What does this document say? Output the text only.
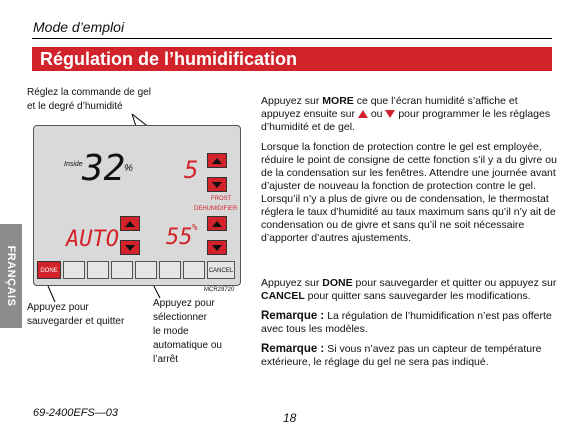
Mode d’emploi
Régulation de l’humidification
FRANÇAIS
Réglez la commande de gel
et le degré d’humidité
Inside 32
% 5
FROST
DEHUMIDIFIER
AUTO 55 %
DONE	CANCEL
MCR29720
Appuyez pour
sauvegarder et quitter
Appuyez pour
sélectionner
le mode
automatique ou
l’arrêt
Appuyez sur MORE ce que l’écran humidité s’affiche et appuyez ensuite sur  ou  pour programmer le les réglages d’humidité et de gel.
Lorsque la fonction de protection contre le gel est employée, réduire le point de consigne de cette fonction s’il y a du givre ou de la condensation sur les fenêtres. Attendre une journée avant d’ajuster de nouveau la fonction de protection contre le gel. Lorsqu’il n’y a plus de givre ou de condensation, le thermostat réglera le taux d’humidité au taux maximum sans qu’il n’y ait de condensation ou de givre et sans qu’il ne soit nécessaire d’apporter d’autres ajustements.
Appuyez sur DONE pour sauvegarder et quitter ou appuyez sur CANCEL pour quitter sans sauvegarder les modifications.
Remarque : La régulation de l’humidification n’est pas offerte avec tous les modèles.
Remarque : Si vous n’avez pas un capteur de température extérieure, le réglage du gel ne sera pas indiqué.
69-2400EFS—03	18
